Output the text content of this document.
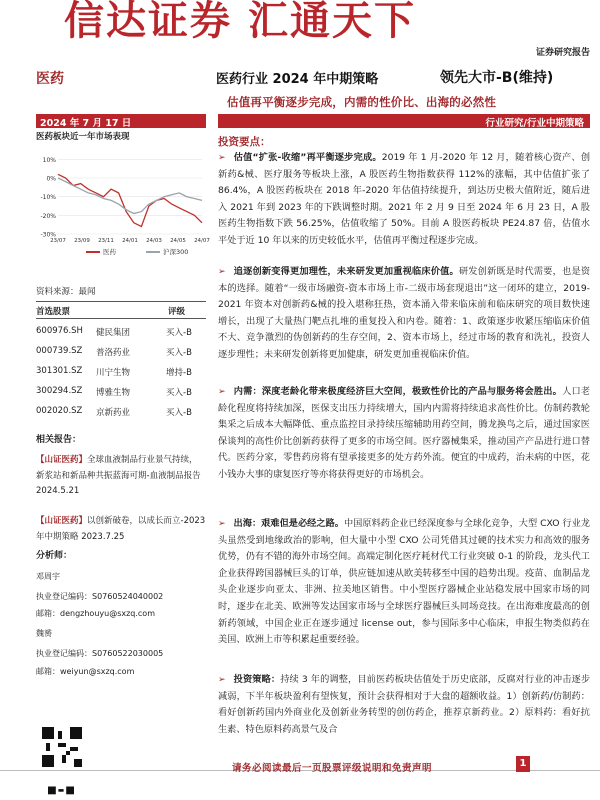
信达证券 汇通天下
证券研究报告
医药	医药行业 2024 年中期策略	领先大市-B(维持)
估值再平衡逐步完成，内需的性价比、出海的必然性
2024 年 7 月 17 日	行业研究/行业中期策略
医药板块近一年市场表现
10%
0%
-10%
-20%
-30%
23/07 23/09 23/11 24/01 24/03 24/05 24/07
医药	沪深300
资料来源：最闻
首选股票	评级
600976.SH 健民集团	买入-B
000739.SZ 普洛药业	买入-B
301301.SZ 川宁生物	增持-B
300294.SZ 博雅生物	买入-B
002020.SZ 京新药业	买入-B
相关报告：
【山证医药】全球血液制品行业景气持续，新浆站和新品种共振蓝海可期-血液制品报告 2024.5.21
【山证医药】以创新破卷，以成长而立-2023 年中期策略 2023.7.25
分析师：
邓周宇
执业登记编码：S0760524040002
邮箱：dengzhouyu@sxzq.com
魏赟
执业登记编码：S0760522030005
邮箱：weiyun@sxzq.com
投资要点：
➢ 估值“扩张-收缩”再平衡逐步完成。2019 年 1 月-2020 年 12 月，随着核心资产、创新药&械、医疗服务等板块上涨，A 股医药生物指数获得 112%的涨幅，其中估值扩张了 86.4%，A 股医药板块在 2018 年-2020 年估值持续提升，到达历史极大值附近，随后进入 2021 年到 2023 年的下跌调整时期。2021 年 2 月 9 日至 2024 年 6 月 23 日，A 股医药生物指数下跌 56.25%，估值收缩了 50%。目前 A 股医药板块 PE24.87 倍，估值水平处于近 10 年以来的历史较低水平，估值再平衡过程逐步完成。
➢ 追逐创新变得更加理性，未来研发更加重视临床价值。研发创新既是时代需要，也是资本的选择。随着“一级市场融资-资本市场上市-二级市场套现退出”这一闭环的建立，2019-2021 年资本对创新药&械的投入堪称狂热，资本涌入带来临床前和临床研究的项目数快速增长，出现了大量热门靶点扎堆的重复投入和内卷。随着：1、政策逐步收紧压缩临床价值不大、竞争激烈的伪创新药的生存空间，2、资本市场上，经过市场的教育和洗礼，投资人逐步理性；未来研发创新将更加健康，研发更加重视临床价值。
➢ 内需：深度老龄化带来极度经济巨大空间，极致性价比的产品与服务将会胜出。人口老龄化程度将持续加深，医保支出压力持续增大，国内内需将持续追求高性价比。仿制药教轮集采之后成本大幅降低、重点监控目录持续压缩辅助用药空间，腾龙换鸟之后，通过国家医保谈判的高性价比创新药获得了更多的市场空间。医疗器械集采，推动国产产品进行进口替代。医药分家，零售药房将有望承接更多的处方药外流。便宜的中成药，治未病的中医，花小钱办大事的康复医疗等亦将获得更好的市场机会。
➢ 出海：艰难但是必经之路。中国原料药企业已经深度参与全球化竞争，大型 CXO 行业龙头虽然受到地缘政治的影响，但大量中小型 CXO 公司凭借其过硬的技术实力和高效的服务优势，仍有不错的海外市场空间。高端定制化医疗耗材代工行业突破 0-1 的阶段，龙头代工企业获得跨国器械巨头的订单，供应链加速从欧美转移至中国的趋势出现。疫苗、血制品龙头企业逐步向亚太、非洲、拉美地区销售。中小型医疗器械企业站稳发展中国家市场的同时，逐步在北美、欧洲等发达国家市场与全球医疗器械巨头同场竞技。在出海难度最高的创新药领域，中国企业正在逐步通过 license out，参与国际多中心临床，申报生物类似药在美国、欧洲上市等积累起重要经验。
➢ 投资策略：持续 3 年的调整，目前医药板块估值处于历史底部，反腐对行业的冲击逐步减弱，下半年板块盈利有望恢复，预计会获得相对于大盘的超额收益。1）创新药/仿制药：看好创新药国内外商业化及创新业务转型的创仿药企，推荐京新药业。2）原料药：看好抗生素、特色原料药高景气及合
请务必阅读最后一页股票评级说明和免责声明	1
